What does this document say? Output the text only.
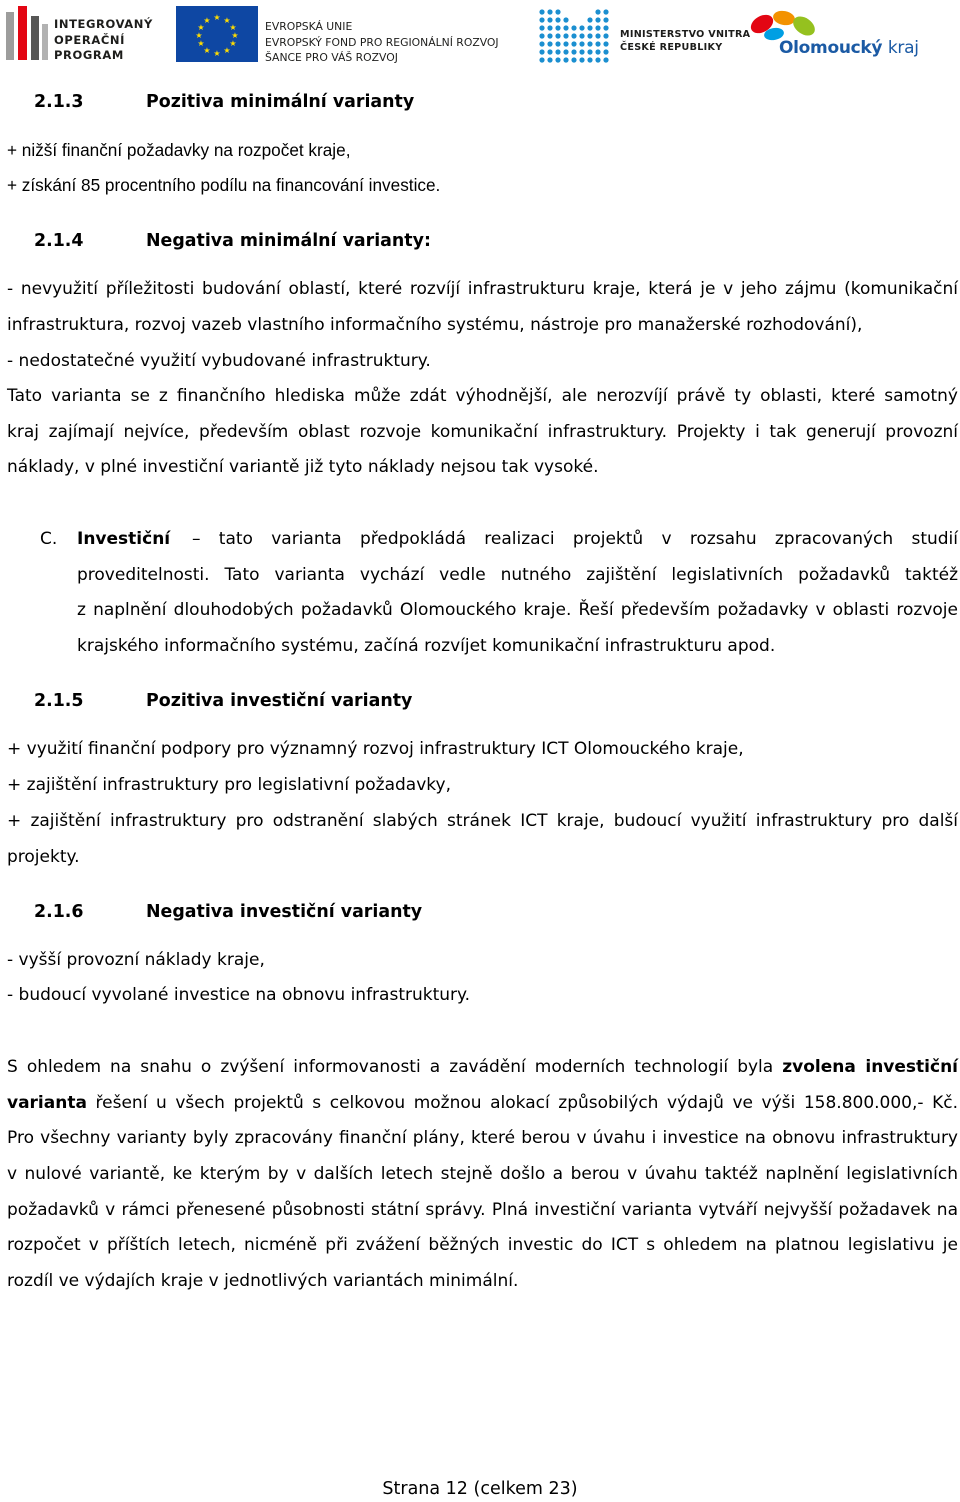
INTEGROVANÝ
OPERAČNÍ
PROGRAM
★ ★
★
★
★
★
★
★
★
★
★
★	EVROPSKÁ UNIE
EVROPSKÝ FOND PRO REGIONÁLNÍ ROZVOJ
ŠANCE PRO VÁŠ ROZVOJ
MINISTERSTVO VNITRA
ČESKÉ REPUBLIKY	Olomoucký kraj
2.1.3	Pozitiva minimální varianty
+ nižší finanční požadavky na rozpočet kraje,
+ získání 85 procentního podílu na financování investice.
2.1.4	Negativa minimální varianty:
- nevyužití příležitosti budování oblastí, které rozvíjí infrastrukturu kraje, která je v jeho zájmu (komunikační
infrastruktura, rozvoj vazeb vlastního informačního systému, nástroje pro manažerské rozhodování),
- nedostatečné využití vybudované infrastruktury.
Tato varianta se z finančního hlediska může zdát výhodnější, ale nerozvíjí právě ty oblasti, které samotný
kraj zajímají nejvíce, především oblast rozvoje komunikační infrastruktury. Projekty i tak generují provozní
náklady, v plné investiční variantě již tyto náklady nejsou tak vysoké.
C. Investiční – tato varianta předpokládá realizaci projektů v rozsahu zpracovaných studií
proveditelnosti. Tato varianta vychází vedle nutného zajištění legislativních požadavků taktéž
z naplnění dlouhodobých požadavků Olomouckého kraje. Řeší především požadavky v oblasti rozvoje
krajského informačního systému, začíná rozvíjet komunikační infrastrukturu apod.
2.1.5	Pozitiva investiční varianty
+ využití finanční podpory pro významný rozvoj infrastruktury ICT Olomouckého kraje,
+ zajištění infrastruktury pro legislativní požadavky,
+ zajištění infrastruktury pro odstranění slabých stránek ICT kraje, budoucí využití infrastruktury pro další
projekty.
2.1.6	Negativa investiční varianty
- vyšší provozní náklady kraje,
- budoucí vyvolané investice na obnovu infrastruktury.
S ohledem na snahu o zvýšení informovanosti a zavádění moderních technologií byla zvolena investiční
varianta řešení u všech projektů s celkovou možnou alokací způsobilých výdajů ve výši 158.800.000,- Kč.
Pro všechny varianty byly zpracovány finanční plány, které berou v úvahu i investice na obnovu infrastruktury
v nulové variantě, ke kterým by v dalších letech stejně došlo a berou v úvahu taktéž naplnění legislativních
požadavků v rámci přenesené působnosti státní správy. Plná investiční varianta vytváří nejvyšší požadavek na
rozpočet v příštích letech, nicméně při zvážení běžných investic do ICT s ohledem na platnou legislativu je
rozdíl ve výdajích kraje v jednotlivých variantách minimální.
Strana 12 (celkem 23)
